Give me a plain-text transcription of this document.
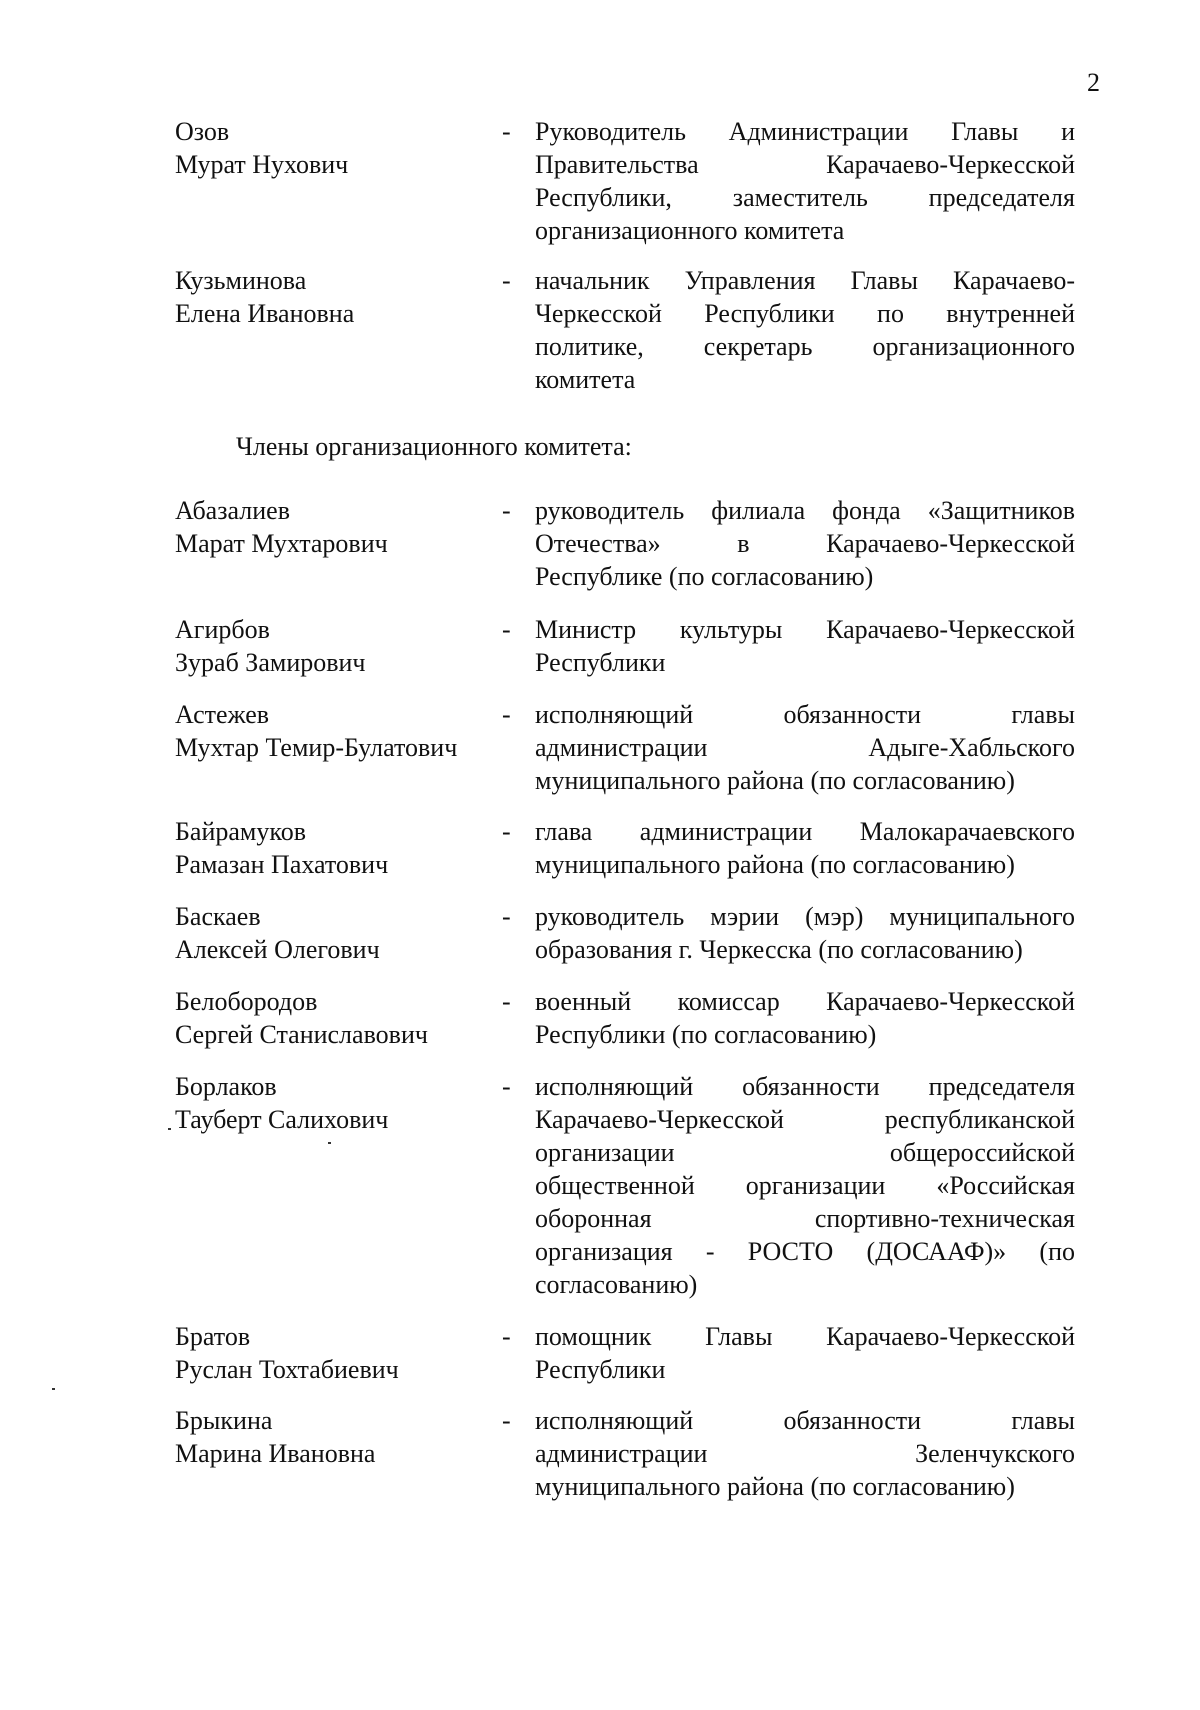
2
Озов
Мурат Нухович
- Руководитель Администрации Главы и
Правительства Карачаево-Черкесской
Республики, заместитель председателя
организационного комитета
Кузьминова
Елена Ивановна
- начальник Управления Главы Карачаево-
Черкесской Республики по внутренней
политике, секретарь организационного
комитета
Члены организационного комитета:
Абазалиев
Марат Мухтарович
- руководитель филиала фонда «Защитников
Отечества» в Карачаево-Черкесской
Республике (по согласованию)
Агирбов
Зураб Замирович
- Министр культуры Карачаево-Черкесской
Республики
Астежев
Мухтар Темир-Булатович
- исполняющий обязанности главы
администрации Адыге-Хабльского
муниципального района (по согласованию)
Байрамуков
Рамазан Пахатович
- глава администрации Малокарачаевского
муниципального района (по согласованию)
Баскаев
Алексей Олегович
- руководитель мэрии (мэр) муниципального
образования г. Черкесска (по согласованию)
Белобородов
Сергей Станиславович
- военный комиссар Карачаево-Черкесской
Республики (по согласованию)
Борлаков
Тауберт Салихович
- исполняющий обязанности председателя
Карачаево-Черкесской республиканской
организации общероссийской
общественной организации «Российская
оборонная спортивно-техническая
организация - РОСТО (ДОСААФ)» (по
согласованию)
Братов
Руслан Тохтабиевич
- помощник Главы Карачаево-Черкесской
Республики
Брыкина
Марина Ивановна
- исполняющий обязанности главы
администрации Зеленчукского
муниципального района (по согласованию)
